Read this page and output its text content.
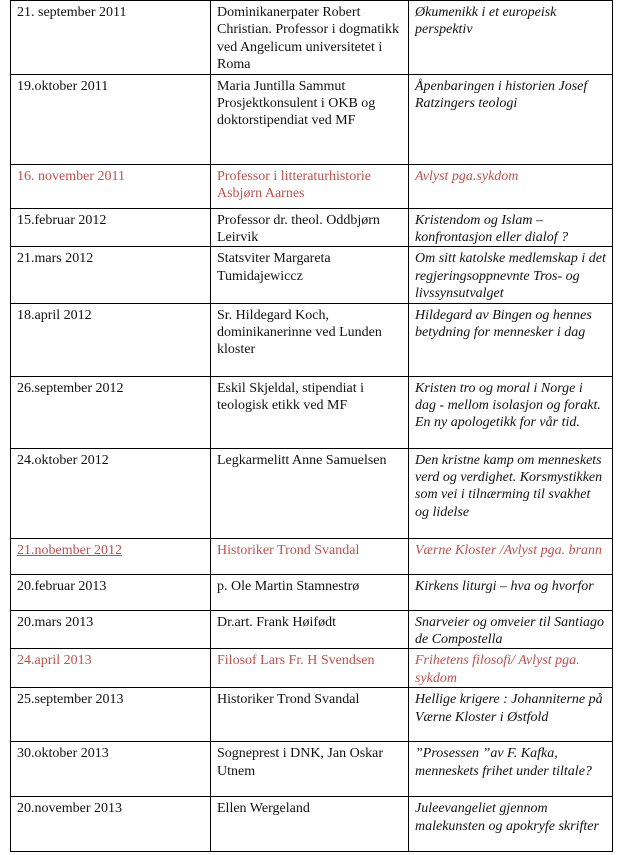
21. september 2011	Dominikanerpater Robert Christian. Professor i dogmatikk ved Angelicum universitetet i Roma	Økumenikk i et europeisk perspektiv
19.oktober 2011	Maria Juntilla Sammut Prosjektkonsulent i OKB og doktorstipendiat ved MF	Åpenbaringen i historien Josef Ratzingers teologi
16. november 2011	Professor i litteraturhistorie Asbjørn Aarnes	Avlyst pga.sykdom
15.februar 2012	Professor dr. theol. Oddbjørn Leirvik	Kristendom og Islam – konfrontasjon eller dialof ?
21.mars 2012	Statsviter Margareta Tumidajewiccz	Om sitt katolske medlemskap i det regjeringsoppnevnte Tros- og livssynsutvalget
18.april 2012	Sr. Hildegard Koch, dominikanerinne ved Lunden kloster	Hildegard av Bingen og hennes betydning for mennesker i dag
26.september 2012	Eskil Skjeldal, stipendiat i teologisk etikk ved MF	Kristen tro og moral i Norge i dag - mellom isolasjon og forakt. En ny apologetikk for vår tid.
24.oktober 2012	Legkarmelitt Anne Samuelsen	Den kristne kamp om menneskets verd og verdighet. Korsmystikken som vei i tilnærming til svakhet og lidelse
21.nobember 2012	Historiker Trond Svandal	Værne Kloster /Avlyst pga. brann
20.februar 2013	p. Ole Martin Stamnestrø	Kirkens liturgi – hva og hvorfor
20.mars 2013	Dr.art. Frank Høifødt	Snarveier og omveier til Santiago de Compostella
24.april 2013	Filosof Lars Fr. H Svendsen	Frihetens filosofi/ Avlyst pga. sykdom
25.september 2013	Historiker Trond Svandal	Hellige krigere : Johanniterne på Værne Kloster i Østfold
30.oktober 2013	Sogneprest i DNK, Jan Oskar Utnem	”Prosessen ”av F. Kafka, menneskets frihet under tiltale?
20.november 2013	Ellen Wergeland	Juleevangeliet gjennom malekunsten og apokryfe skrifter
